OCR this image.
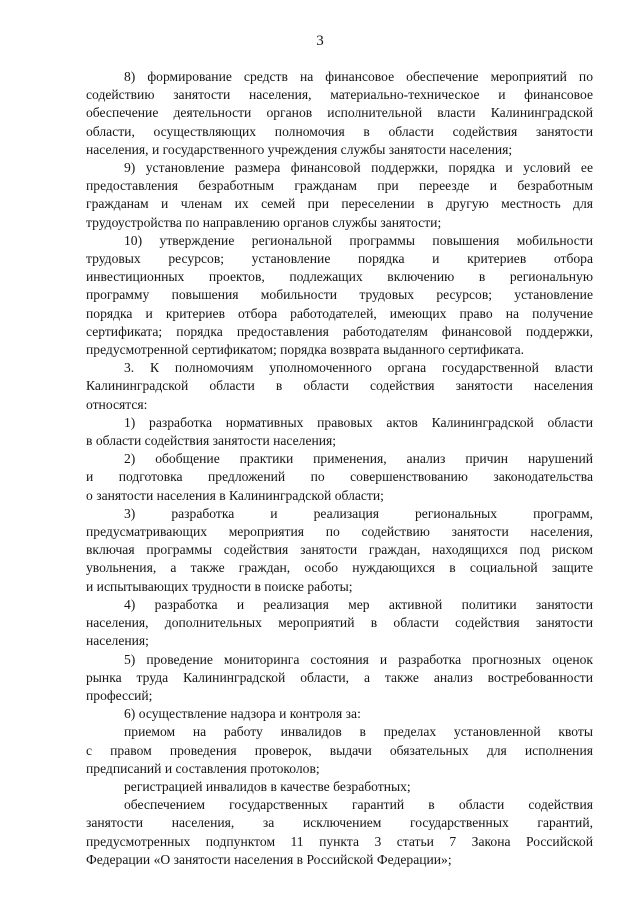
3
8) формирование средств на финансовое обеспечение мероприятий по
содействию занятости населения, материально-техническое и финансовое
обеспечение деятельности органов исполнительной власти Калининградской
области, осуществляющих полномочия в области содействия занятости
населения, и государственного учреждения службы занятости населения;
9) установление размера финансовой поддержки, порядка и условий ее
предоставления безработным гражданам при переезде и безработным
гражданам и членам их семей при переселении в другую местность для
трудоустройства по направлению органов службы занятости;
10) утверждение региональной программы повышения мобильности
трудовых ресурсов; установление порядка и критериев отбора
инвестиционных проектов, подлежащих включению в региональную
программу повышения мобильности трудовых ресурсов; установление
порядка и критериев отбора работодателей, имеющих право на получение
сертификата; порядка предоставления работодателям финансовой поддержки,
предусмотренной сертификатом; порядка возврата выданного сертификата.
3. К полномочиям уполномоченного органа государственной власти
Калининградской области в области содействия занятости населения
относятся:
1) разработка нормативных правовых актов Калининградской области
в области содействия занятости населения;
2) обобщение практики применения, анализ причин нарушений
и подготовка предложений по совершенствованию законодательства
о занятости населения в Калининградской области;
3) разработка и реализация региональных программ,
предусматривающих мероприятия по содействию занятости населения,
включая программы содействия занятости граждан, находящихся под риском
увольнения, а также граждан, особо нуждающихся в социальной защите
и испытывающих трудности в поиске работы;
4) разработка и реализация мер активной политики занятости
населения, дополнительных мероприятий в области содействия занятости
населения;
5) проведение мониторинга состояния и разработка прогнозных оценок
рынка труда Калининградской области, а также анализ востребованности
профессий;
6) осуществление надзора и контроля за:
приемом на работу инвалидов в пределах установленной квоты
с правом проведения проверок, выдачи обязательных для исполнения
предписаний и составления протоколов;
регистрацией инвалидов в качестве безработных;
обеспечением государственных гарантий в области содействия
занятости населения, за исключением государственных гарантий,
предусмотренных подпунктом 11 пункта 3 статьи 7 Закона Российской
Федерации «О занятости населения в Российской Федерации»;
